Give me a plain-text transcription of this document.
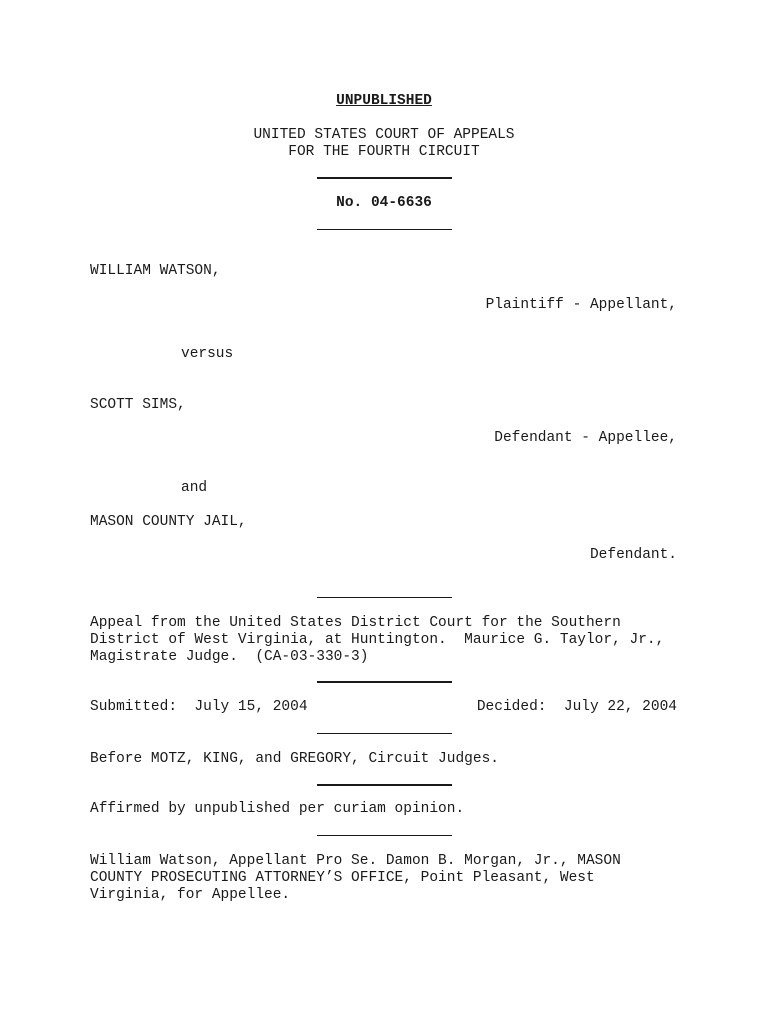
UNPUBLISHED
UNITED STATES COURT OF APPEALS
FOR THE FOURTH CIRCUIT
No. 04-6636
WILLIAM WATSON,
Plaintiff - Appellant,
versus
SCOTT SIMS,
Defendant - Appellee,
and
MASON COUNTY JAIL,
Defendant.
Appeal from the United States District Court for the Southern
District of West Virginia, at Huntington.  Maurice G. Taylor, Jr.,
Magistrate Judge.  (CA-03-330-3)
Submitted:  July 15, 2004	Decided:  July 22, 2004
Before MOTZ, KING, and GREGORY, Circuit Judges.
Affirmed by unpublished per curiam opinion.
William Watson, Appellant Pro Se. Damon B. Morgan, Jr., MASON
COUNTY PROSECUTING ATTORNEY’S OFFICE, Point Pleasant, West
Virginia, for Appellee.
